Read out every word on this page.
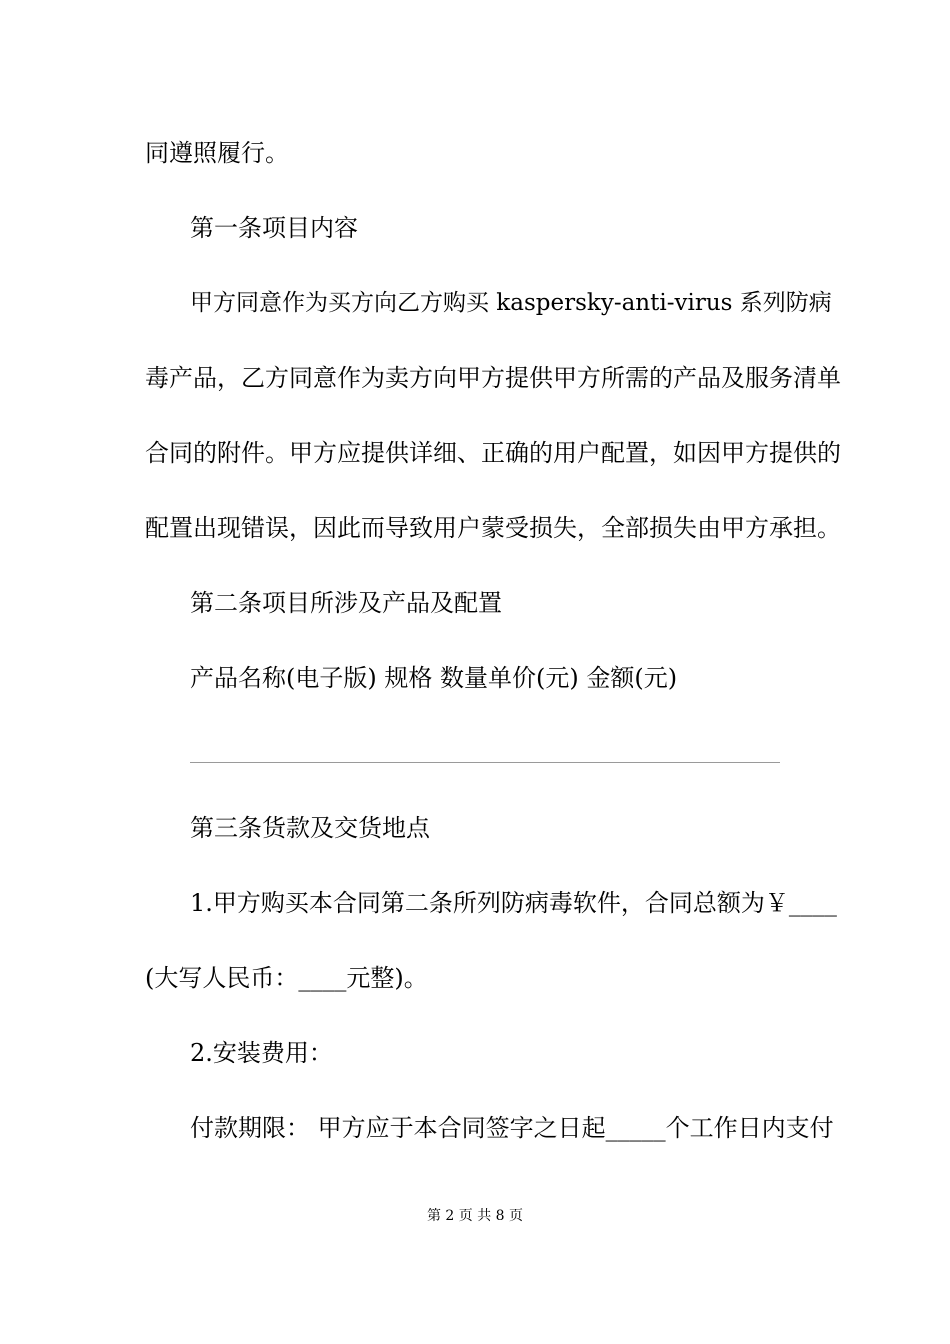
同遵照履行。

第一条项目内容

甲方同意作为买方向乙方购买 kaspersky-anti-virus 系列防病

毒产品，乙方同意作为卖方向甲方提供甲方所需的产品及服务清单

合同的附件。甲方应提供详细、正确的用户配置，如因甲方提供的

配置出现错误，因此而导致用户蒙受损失，全部损失由甲方承担。

第二条项目所涉及产品及配置

产品名称(电子版) 规格 数量单价(元) 金额(元)

第三条货款及交货地点

1.甲方购买本合同第二条所列防病毒软件，合同总额为￥____

(大写人民币：____元整)。

2.安装费用：

付款期限： 甲方应于本合同签字之日起_____个工作日内支付

第 2 页 共 8 页
